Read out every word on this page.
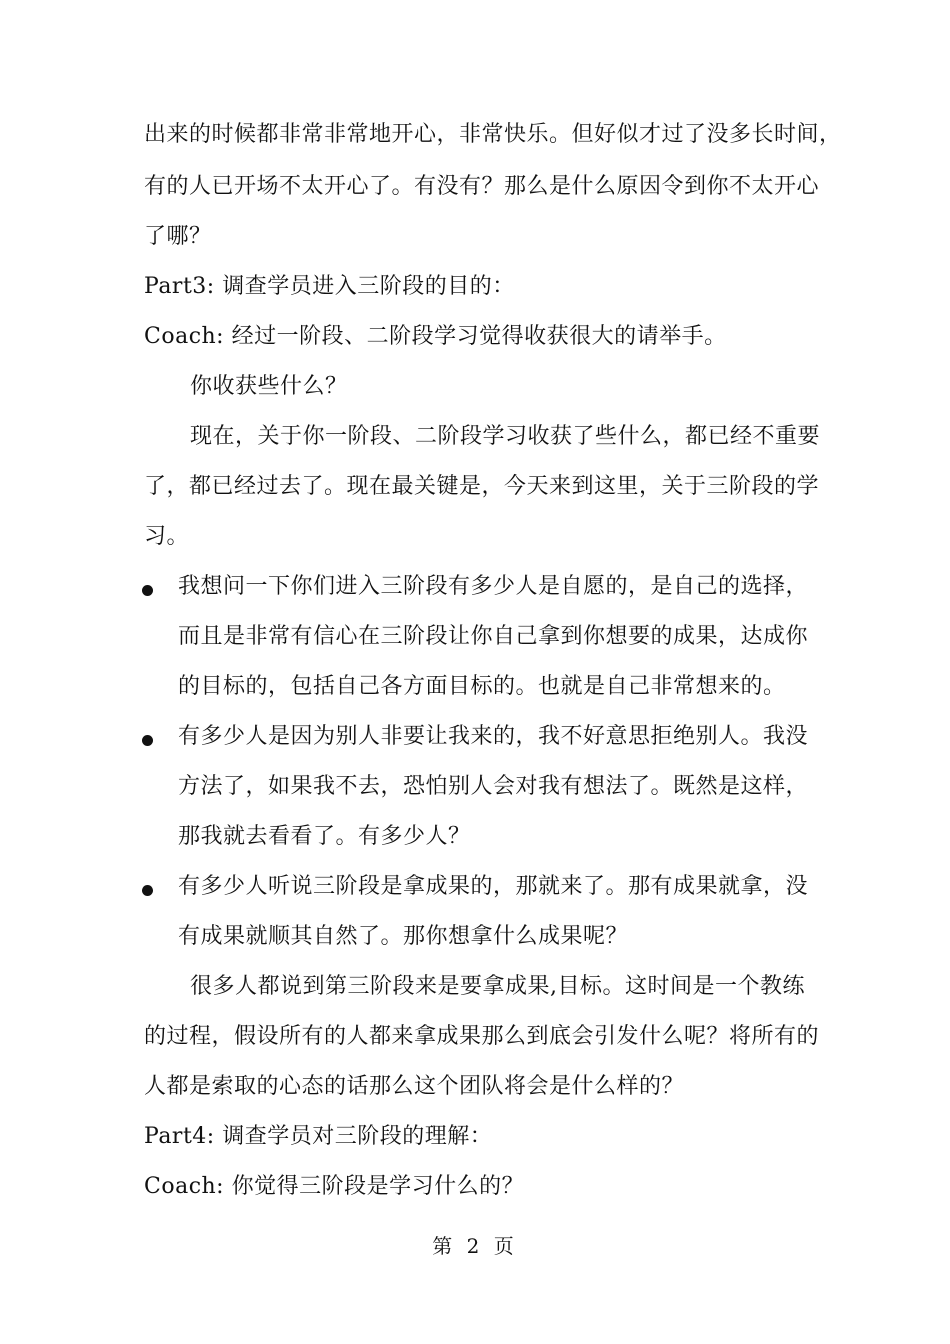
出来的时候都非常非常地开心，非常快乐。但好似才过了没多长时间，
有的人已开场不太开心了。有没有？那么是什么原因令到你不太开心
了哪？
Part3: 调查学员进入三阶段的目的：
Coach: 经过一阶段、二阶段学习觉得收获很大的请举手。
你收获些什么？
现在，关于你一阶段、二阶段学习收获了些什么，都已经不重要
了，都已经过去了。现在最关键是，今天来到这里，关于三阶段的学
习。
我想问一下你们进入三阶段有多少人是自愿的，是自己的选择，
而且是非常有信心在三阶段让你自己拿到你想要的成果，达成你
的目标的，包括自己各方面目标的。也就是自己非常想来的。
有多少人是因为别人非要让我来的，我不好意思拒绝别人。我没
方法了，如果我不去，恐怕别人会对我有想法了。既然是这样，
那我就去看看了。有多少人？
有多少人听说三阶段是拿成果的，那就来了。那有成果就拿，没
有成果就顺其自然了。那你想拿什么成果呢？
很多人都说到第三阶段来是要拿成果,目标。这时间是一个教练
的过程，假设所有的人都来拿成果那么到底会引发什么呢？将所有的
人都是索取的心态的话那么这个团队将会是什么样的？
Part4: 调查学员对三阶段的理解：
Coach: 你觉得三阶段是学习什么的？
第 2 页
